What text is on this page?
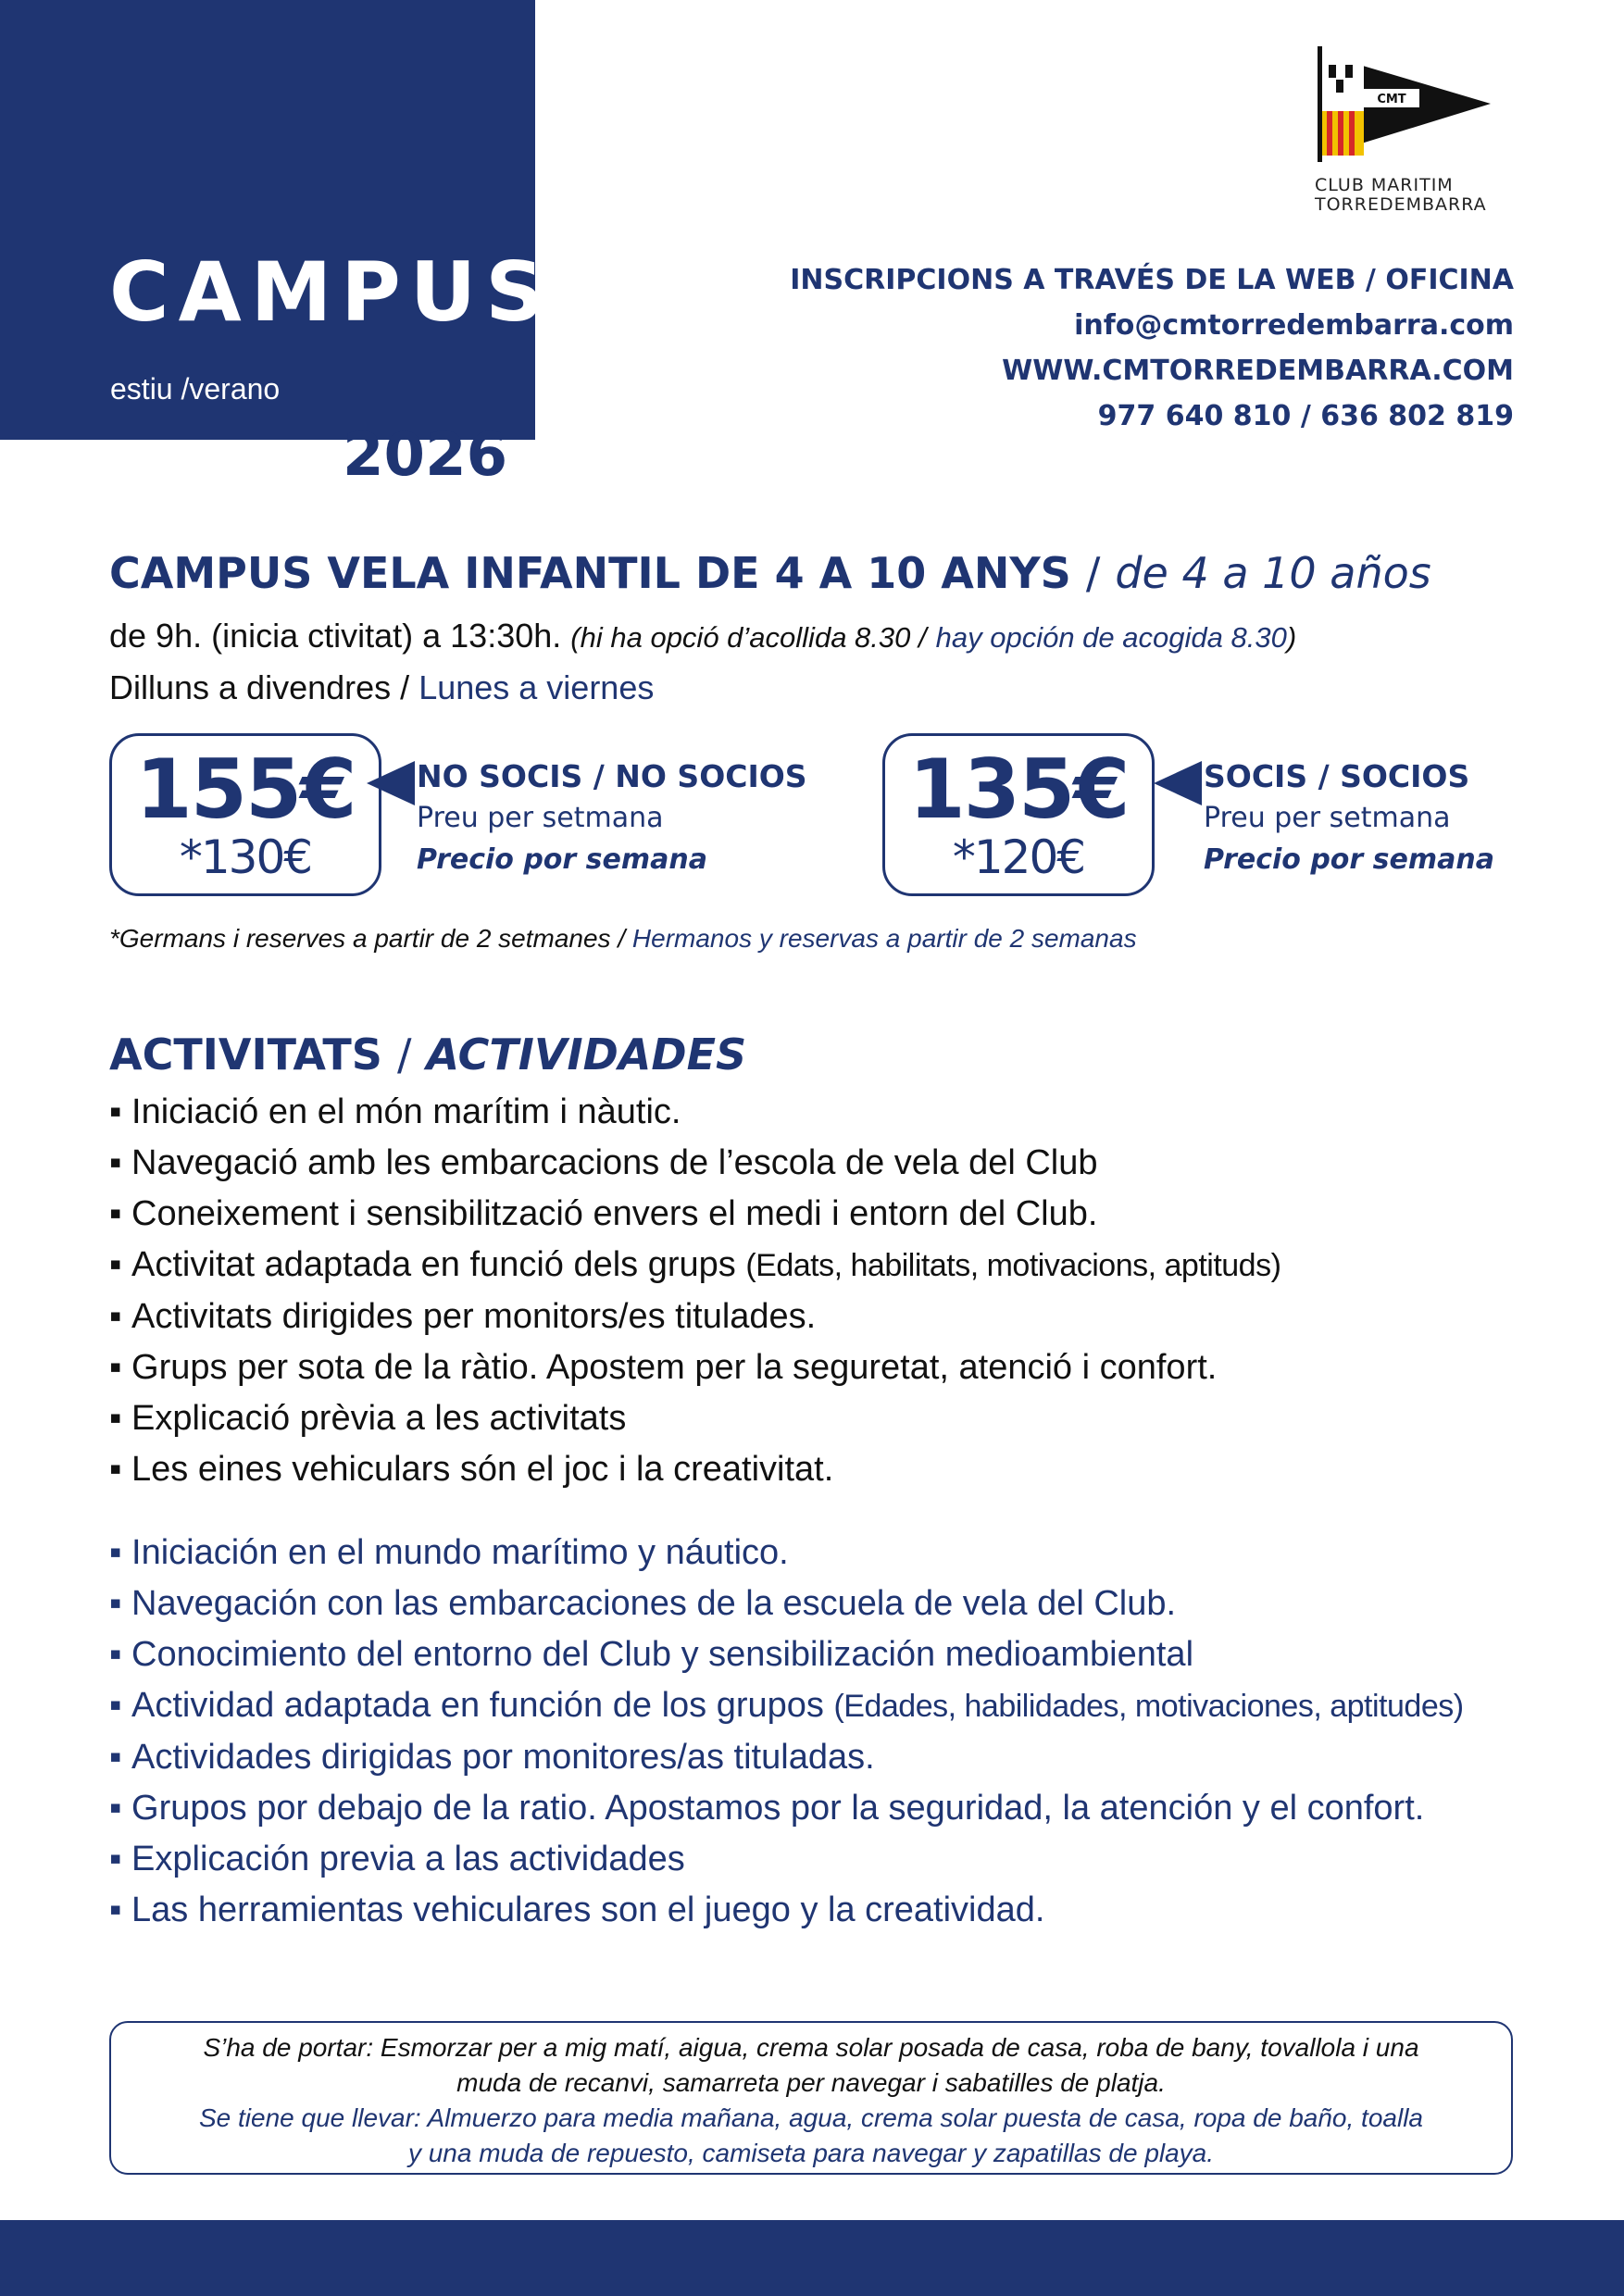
CAMPUS
estiu /verano
2026
CMT
CLUB MARITIM
TORREDEMBARRA
INSCRIPCIONS A TRAVÉS DE LA WEB / OFICINA
info@cmtorredembarra.com
WWW.CMTORREDEMBARRA.COM
977 640 810 / 636 802 819
CAMPUS VELA INFANTIL DE 4 A 10 ANYS / de 4 a 10 años
de 9h. (inicia ctivitat) a 13:30h. (hi ha opció d’acollida 8.30 / hay opción de acogida 8.30)
Dilluns a divendres / Lunes a viernes
155€
*130€
NO SOCIS / NO SOCIOS
Preu per setmana
Precio por semana
135€
*120€
SOCIS / SOCIOS
Preu per setmana
Precio por semana
*Germans i reserves a partir de 2 setmanes / Hermanos y reservas a partir de 2 semanas
ACTIVITATS / ACTIVIDADES
▪ Iniciació en el món marítim i nàutic.
▪ Navegació amb les embarcacions de l’escola de vela del Club
▪ Coneixement i sensibilització envers el medi i entorn del Club.
▪ Activitat adaptada en funció dels grups (Edats, habilitats, motivacions, aptituds)
▪ Activitats dirigides per monitors/es titulades.
▪ Grups per sota de la ràtio. Apostem per la seguretat, atenció i confort.
▪ Explicació prèvia a les activitats
▪ Les eines vehiculars són el joc i la creativitat.
▪ Iniciación en el mundo marítimo y náutico.
▪ Navegación con las embarcaciones de la escuela de vela del Club.
▪ Conocimiento del entorno del Club y sensibilización medioambiental
▪ Actividad adaptada en función de los grupos (Edades, habilidades, motivaciones, aptitudes)
▪ Actividades dirigidas por monitores/as tituladas.
▪ Grupos por debajo de la ratio. Apostamos por la seguridad, la atención y el confort.
▪ Explicación previa a las actividades
▪ Las herramientas vehiculares son el juego y la creatividad.
S’ha de portar: Esmorzar per a mig matí, aigua, crema solar posada de casa, roba de bany, tovallola i una
muda de recanvi, samarreta per navegar i sabatilles de platja.
Se tiene que llevar: Almuerzo para media mañana, agua, crema solar puesta de casa, ropa de baño, toalla
y una muda de repuesto, camiseta para navegar y zapatillas de playa.
